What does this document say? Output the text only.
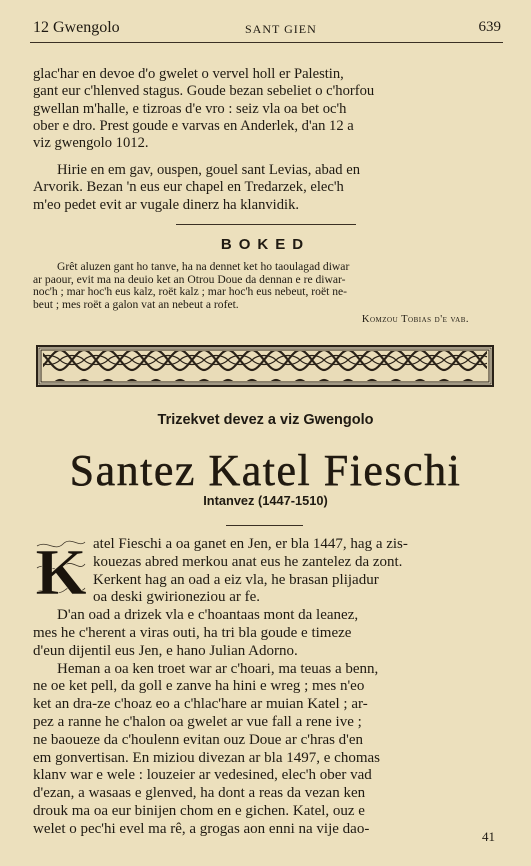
12 Gwengolo	SANT GIEN	639
glac'har en devoe d'o gwelet o vervel holl er Palestin,
gant eur c'hlenved stagus. Goude bezan sebeliet o c'horfou
gwellan m'halle, e tizroas d'e vro : seiz vla oa bet oc'h
ober e dro. Prest goude e varvas en Anderlek, d'an 12 a
viz gwengolo 1012.
Hirie en em gav, ouspen, gouel sant Levias, abad en
Arvorik. Bezan 'n eus eur chapel en Tredarzek, elec'h
m'eo pedet evit ar vugale dinerz ha klanvidik.
BOKED
Grêt aluzen gant ho tanve, ha na dennet ket ho taoulagad diwar
ar paour, evit ma na deuio ket an Otrou Doue da dennan e re diwar-
noc'h ; mar hoc'h eus kalz, roët kalz ; mar hoc'h eus nebeut, roët ne-
beut ; mes roët a galon vat an nebeut a rofet.
Komzou Tobias d'e vab.
Trizekvet devez a viz Gwengolo
Santez Katel Fieschi
Intanvez (1447-1510)
K atel Fieschi a oa ganet en Jen, er bla 1447, hag a zis-
kouezas abred merkou anat eus he zantelez da zont.
Kerkent hag an oad a eiz vla, he brasan plijadur
oa deski gwirioneziou ar fe.
D'an oad a drizek vla e c'hoantaas mont da leanez,
mes he c'herent a viras outi, ha tri bla goude e timeze
d'eun dijentil eus Jen, e hano Julian Adorno.
Heman a oa ken troet war ar c'hoari, ma teuas a benn,
ne oe ket pell, da goll e zanve ha hini e wreg ; mes n'eo
ket an dra-ze c'hoaz eo a c'hlac'hare ar muian Katel ; ar-
pez a ranne he c'halon oa gwelet ar vue fall a rene ive ;
ne baoueze da c'houlenn evitan ouz Doue ar c'hras d'en
em gonvertisan. En miziou divezan ar bla 1497, e chomas
klanv war e wele : louzeier ar vedesined, elec'h ober vad
d'ezan, a wasaas e glenved, ha dont a reas da vezan ken
drouk ma oa eur binijen chom en e gichen. Katel, ouz e
welet o pec'hi evel ma rê, a grogas aon enni na vije dao-	41
